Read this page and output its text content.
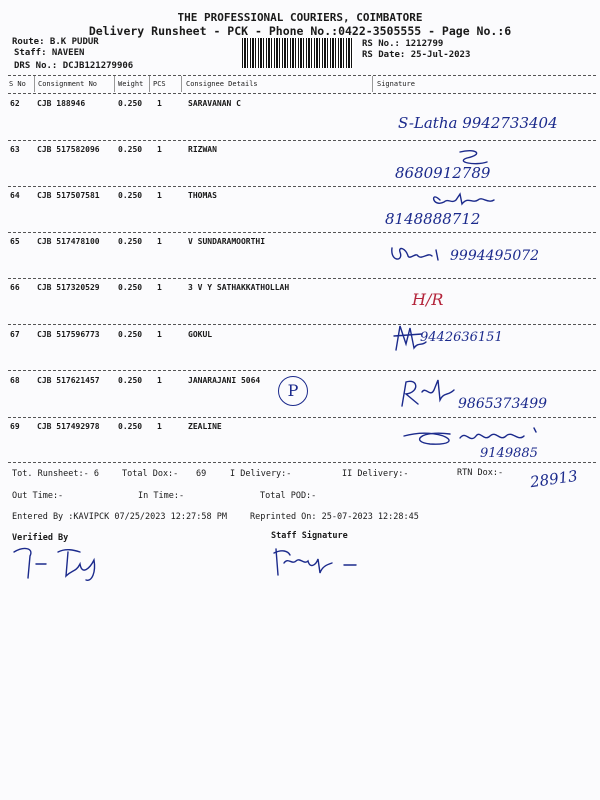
THE PROFESSIONAL COURIERS, COIMBATORE
Delivery Runsheet - PCK - Phone No.:0422-3505555 - Page No.:6
Route: B.K PUDUR
Staff: NAVEEN
DRS No.: DCJB121279906
RS No.: 1212799
RS Date: 25-Jul-2023
S No Consignment No	Weight PCS	Consignee Details	Signature
62 CJB 188946	0.250 1	SARAVANAN C
S-Latha 9942733404
63 CJB 517582096 0.250 1	RIZWAN
8680912789
64 CJB 517507581 0.250 1	THOMAS
8148888712
65 CJB 517478100 0.250 1	V SUNDARAMOORTHI
9994495072
66 CJB 517320529 0.250 1	3 V Y SATHAKKATHOLLAH
H/R
67 CJB 517596773 0.250 1	GOKUL	9442636151
68 CJB 517621457 0.250 1	JANARAJANI 5064
P
9865373499
69 CJB 517492978 0.250 1	ZEALINE
9149885
Tot. Runsheet:- 6	Total Dox:- 69	I Delivery:-	II Delivery:-	RTN Dox:- 28913
Out Time:-	In Time:-	Total POD:-
Entered By :KAVIPCK 07/25/2023 12:27:58 PM	Reprinted On: 25-07-2023 12:28:45
Verified By	Staff Signature
